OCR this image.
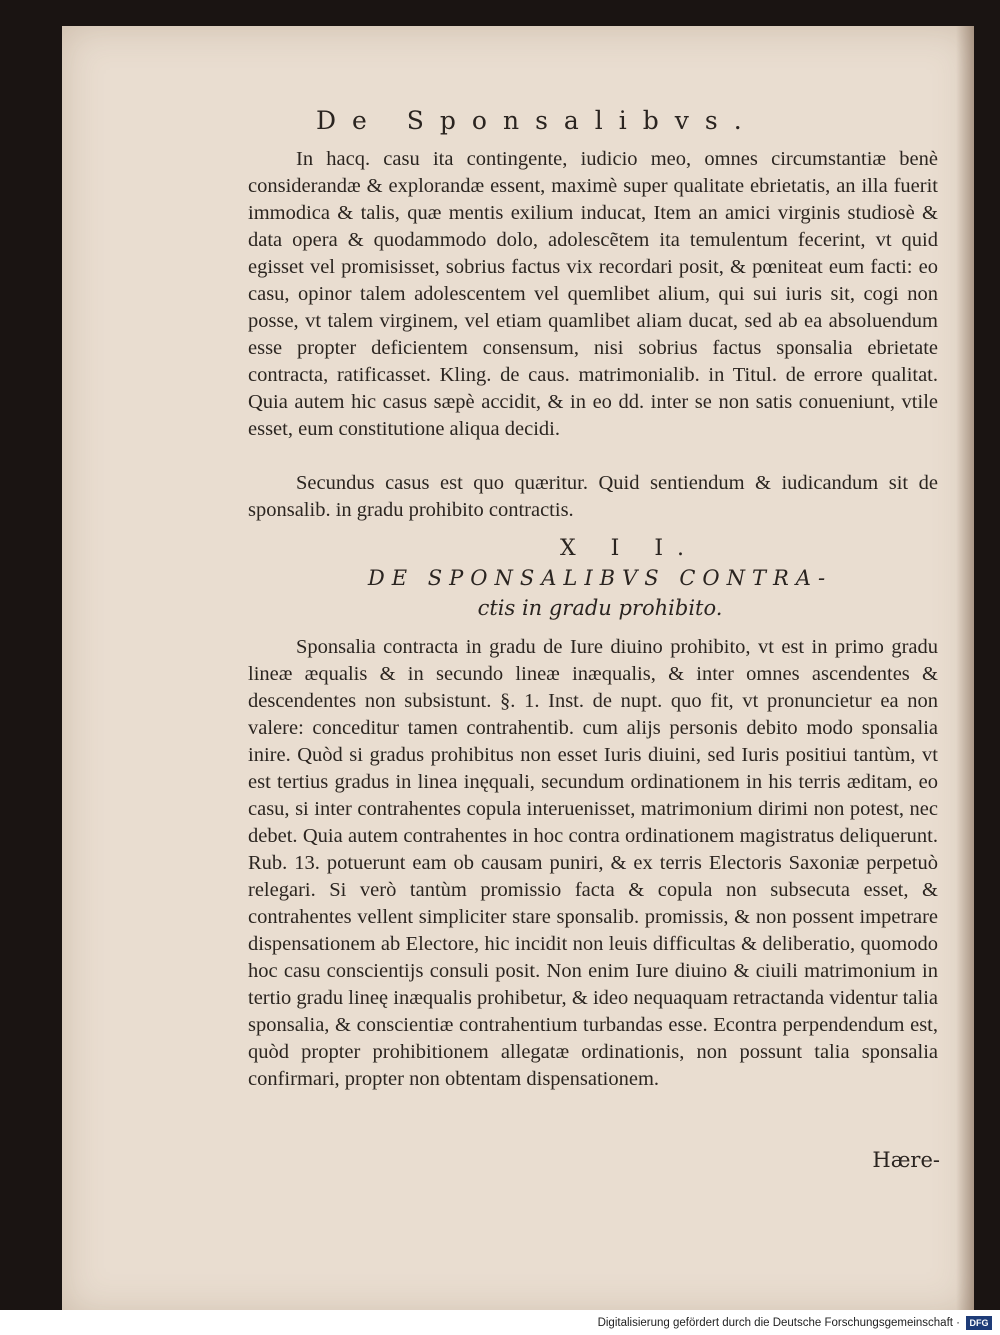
De Sponsalibvs.

In hacq. casu ita contingente, iudicio meo, omnes circumstantiæ benè considerandæ & explorandæ essent, maximè super qualitate ebrietatis, an illa fuerit immodica & talis, quæ mentis exilium inducat, Item an amici virginis studiosè & data opera & quodammodo dolo, adolescẽtem ita temulentum fecerint, vt quid egisset vel promisisset, sobrius factus vix recordari posit, & pœniteat eum facti: eo casu, opinor talem adolescentem vel quemlibet alium, qui sui iuris sit, cogi non posse, vt talem virginem, vel etiam quamlibet aliam ducat, sed ab ea absoluendum esse propter deficientem consensum, nisi sobrius factus sponsalia ebrietate contracta, ratificasset. Kling. de caus. matrimonialib. in Titul. de errore qualitat. Quia autem hic casus sæpè accidit, & in eo dd. inter se non satis conueniunt, vtile esset, eum constitutione aliqua decidi.

Secundus casus est quo quæritur. Quid sentiendum & iudicandum sit de sponsalib. in gradu prohibito contractis.

X I I.
DE SPONSALIBVS CONTRA-
ctis in gradu prohibito.

Sponsalia contracta in gradu de Iure diuino prohibito, vt est in primo gradu lineæ æqualis & in secundo lineæ inæqualis, & inter omnes ascendentes & descendentes non subsistunt. §. 1. Inst. de nupt. quo fit, vt pronuncietur ea non valere: conceditur tamen contrahentib. cum alijs personis debito modo sponsalia inire. Quòd si gradus prohibitus non esset Iuris diuini, sed Iuris positiui tantùm, vt est tertius gradus in linea inęquali, secundum ordinationem in his terris æditam, eo casu, si inter contrahentes copula interuenisset, matrimonium dirimi non potest, nec debet. Quia autem contrahentes in hoc contra ordinationem magistratus deliquerunt. Rub. 13. potuerunt eam ob causam puniri, & ex terris Electoris Saxoniæ perpetuò relegari. Si verò tantùm promissio facta & copula non subsecuta esset, & contrahentes vellent simpliciter stare sponsalib. promissis, & non possent impetrare dispensationem ab Electore, hic incidit non leuis difficultas & deliberatio, quomodo hoc casu conscientijs consuli posit. Non enim Iure diuino & ciuili matrimonium in tertio gradu lineę inæqualis prohibetur, & ideo nequaquam retractanda videntur talia sponsalia, & conscientiæ contrahentium turbandas esse. Econtra perpendendum est, quòd propter prohibitionem allegatæ ordinationis, non possunt talia sponsalia confirmari, propter non obtentam dispensationem.

Hære-
Digitalisierung gefördert durch die Deutsche Forschungsgemeinschaft ·	DFG
